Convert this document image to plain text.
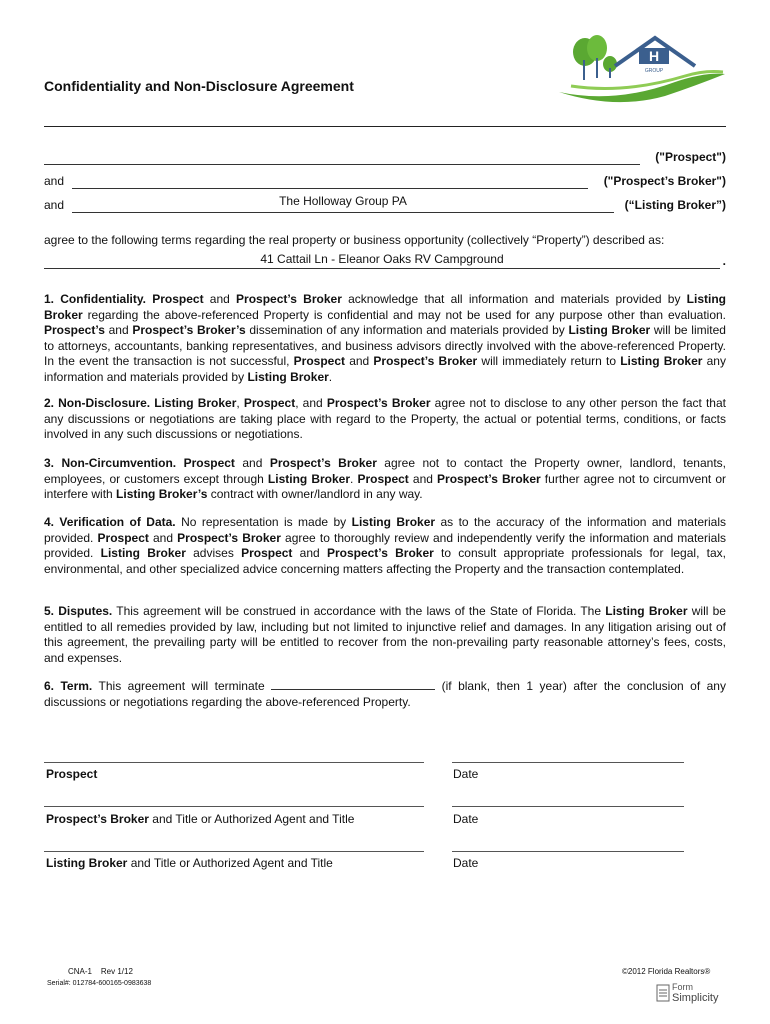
H
GROUP
Confidentiality and Non-Disclosure Agreement
("Prospect")
and	("Prospect’s Broker")
and	The Holloway Group PA	(“Listing Broker”)
agree to the following terms regarding the real property or business opportunity (collectively “Property”) described as:
41 Cattail Ln - Eleanor Oaks RV Campground	.
1. Confidentiality. Prospect and Prospect’s Broker acknowledge that all information and materials provided by Listing Broker regarding the above-referenced Property is confidential and may not be used for any purpose other than evaluation. Prospect’s and Prospect’s Broker’s dissemination of any information and materials provided by Listing Broker will be limited to attorneys, accountants, banking representatives, and business advisors directly involved with the above-referenced Property. In the event the transaction is not successful, Prospect and Prospect’s Broker will immediately return to Listing Broker any information and materials provided by Listing Broker.
2. Non-Disclosure. Listing Broker, Prospect, and Prospect’s Broker agree not to disclose to any other person the fact that any discussions or negotiations are taking place with regard to the Property, the actual or potential terms, conditions, or facts involved in any such discussions or negotiations.
3. Non-Circumvention. Prospect and Prospect’s Broker agree not to contact the Property owner, landlord, tenants, employees, or customers except through Listing Broker. Prospect and Prospect’s Broker further agree not to circumvent or interfere with Listing Broker’s contract with owner/landlord in any way.
4. Verification of Data. No representation is made by Listing Broker as to the accuracy of the information and materials provided. Prospect and Prospect’s Broker agree to thoroughly review and independently verify the information and materials provided. Listing Broker advises Prospect and Prospect’s Broker to consult appropriate professionals for legal, tax, environmental, and other specialized advice concerning matters affecting the Property and the transaction contemplated.
5. Disputes. This agreement will be construed in accordance with the laws of the State of Florida. The Listing Broker will be entitled to all remedies provided by law, including but not limited to injunctive relief and damages. In any litigation arising out of this agreement, the prevailing party will be entitled to recover from the non-prevailing party reasonable attorney’s fees, costs, and expenses.
6. Term. This agreement will terminate	(if blank, then 1 year) after the conclusion of any discussions or negotiations regarding the above-referenced Property.
Prospect	Date
Prospect’s Broker and Title or Authorized Agent and Title	Date
Listing Broker and Title or Authorized Agent and Title	Date
CNA-1 Rev 1/12
Serial#: 012784-600165-0983638
©2012 Florida Realtors®
Form
Simplicity
